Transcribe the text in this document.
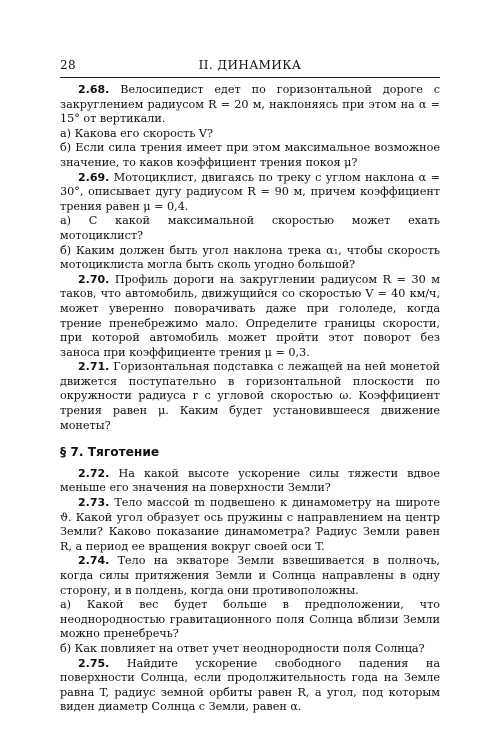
28	II. ДИНАМИКА

2.68. Велосипедист едет по горизонтальной дороге с закруглением радиусом R = 20 м, наклоняясь при этом на α = 15° от вертикали.

а) Какова его скорость V?

б) Если сила трения имеет при этом максимальное возможное значение, то каков коэффициент трения покоя μ?

2.69. Мотоциклист, двигаясь по треку с углом наклона α = 30°, описывает дугу радиусом R = 90 м, причем коэффициент трения равен μ = 0,4.

а) С какой максимальной скоростью может ехать мотоциклист?

б) Каким должен быть угол наклона трека α₁, чтобы скорость мотоциклиста могла быть сколь угодно большой?

2.70. Профиль дороги на закруглении радиусом R = 30 м таков, что автомобиль, движущийся со скоростью V = 40 км/ч, может уверенно поворачивать даже при гололеде, когда трение пренебрежимо мало. Определите границы скорости, при которой автомобиль может пройти этот поворот без заноса при коэффициенте трения μ = 0,3.

2.71. Горизонтальная подставка с лежащей на ней монетой движется поступательно в горизонтальной плоскости по окружности радиуса r с угловой скоростью ω. Коэффициент трения равен μ. Каким будет установившееся движение монеты?

§ 7. Тяготение

2.72. На какой высоте ускорение силы тяжести вдвое меньше его значения на поверхности Земли?

2.73. Тело массой m подвешено к динамометру на широте ϑ. Какой угол образует ось пружины с направлением на центр Земли? Каково показание динамометра? Радиус Земли равен R, а период ее вращения вокруг своей оси T.

2.74. Тело на экваторе Земли взвешивается в полночь, когда силы притяжения Земли и Солнца направлены в одну сторону, и в полдень, когда они противоположны.

а) Какой вес будет больше в предположении, что неоднородностью гравитационного поля Солнца вблизи Земли можно пренебречь?

б) Как повлияет на ответ учет неоднородности поля Солнца?

2.75. Найдите ускорение свободного падения на поверхности Солнца, если продолжительность года на Земле равна T, радиус земной орбиты равен R, а угол, под которым виден диаметр Солнца с Земли, равен α.
